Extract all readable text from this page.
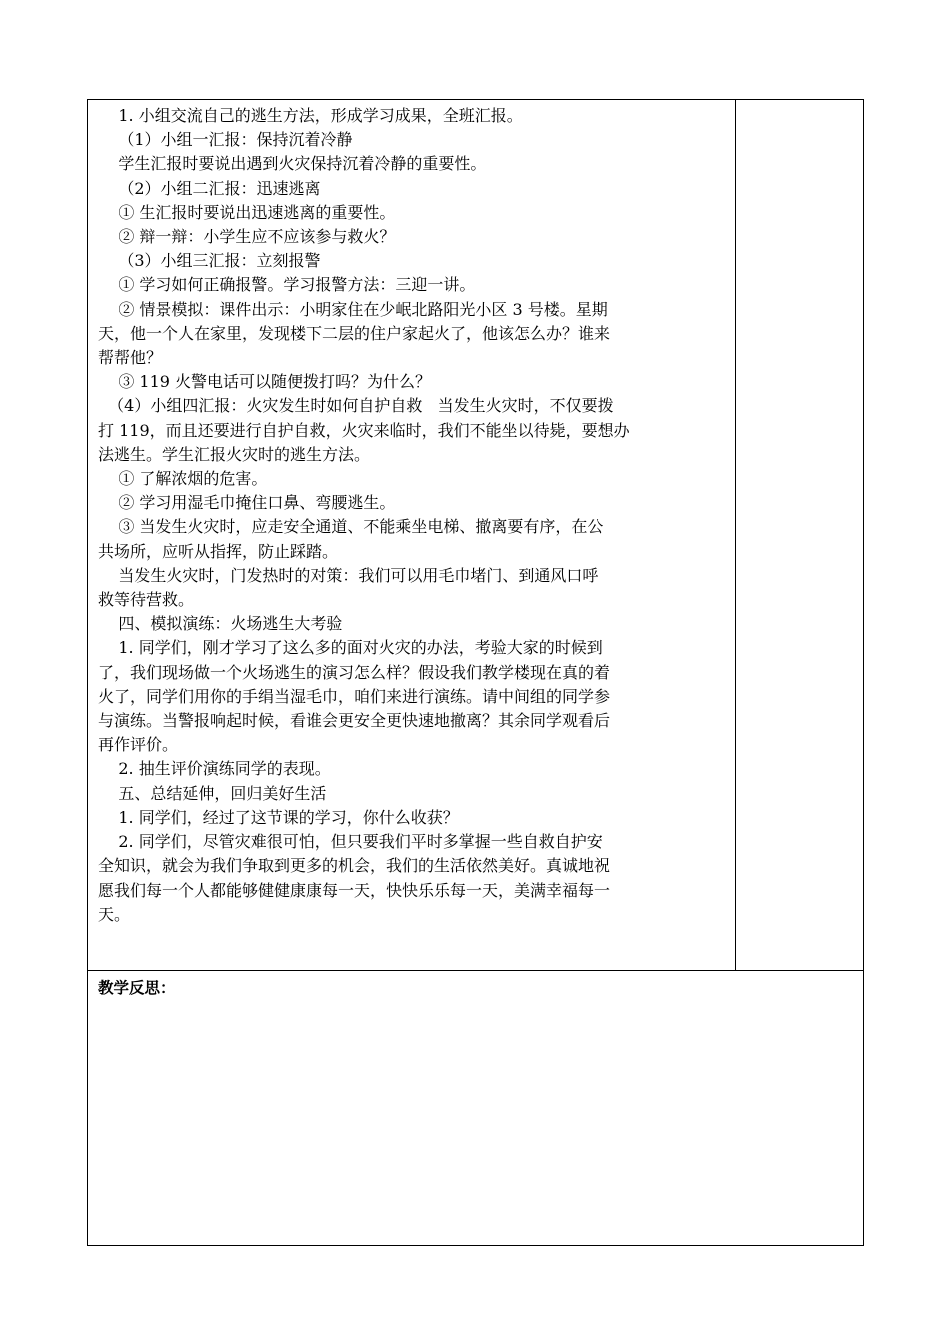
1. 小组交流自己的逃生方法，形成学习成果，全班汇报。
（1）小组一汇报：保持沉着冷静
学生汇报时要说出遇到火灾保持沉着冷静的重要性。
（2）小组二汇报：迅速逃离
① 生汇报时要说出迅速逃离的重要性。
② 辩一辩：小学生应不应该参与救火？
（3）小组三汇报：立刻报警
① 学习如何正确报警。学习报警方法：三迎一讲。
② 情景模拟：课件出示：小明家住在少岷北路阳光小区 3 号楼。星期
天，他一个人在家里，发现楼下二层的住户家起火了，他该怎么办？谁来
帮帮他？
③ 119 火警电话可以随便拨打吗？为什么？
（4）小组四汇报：火灾发生时如何自护自救   当发生火灾时，不仅要拨
打 119，而且还要进行自护自救，火灾来临时，我们不能坐以待毙，要想办
法逃生。学生汇报火灾时的逃生方法。
① 了解浓烟的危害。
② 学习用湿毛巾掩住口鼻、弯腰逃生。
③ 当发生火灾时，应走安全通道、不能乘坐电梯、撤离要有序，在公
共场所，应听从指挥，防止踩踏。
当发生火灾时，门发热时的对策：我们可以用毛巾堵门、到通风口呼
救等待营救。
四、模拟演练：火场逃生大考验
1. 同学们，刚才学习了这么多的面对火灾的办法，考验大家的时候到
了，我们现场做一个火场逃生的演习怎么样？假设我们教学楼现在真的着
火了，同学们用你的手绢当湿毛巾，咱们来进行演练。请中间组的同学参
与演练。当警报响起时候，看谁会更安全更快速地撤离？其余同学观看后
再作评价。
2. 抽生评价演练同学的表现。
五、总结延伸，回归美好生活
1. 同学们，经过了这节课的学习，你什么收获？
2. 同学们，尽管灾难很可怕，但只要我们平时多掌握一些自救自护安
全知识，就会为我们争取到更多的机会，我们的生活依然美好。真诚地祝
愿我们每一个人都能够健健康康每一天，快快乐乐每一天，美满幸福每一
天。

教学反思：
